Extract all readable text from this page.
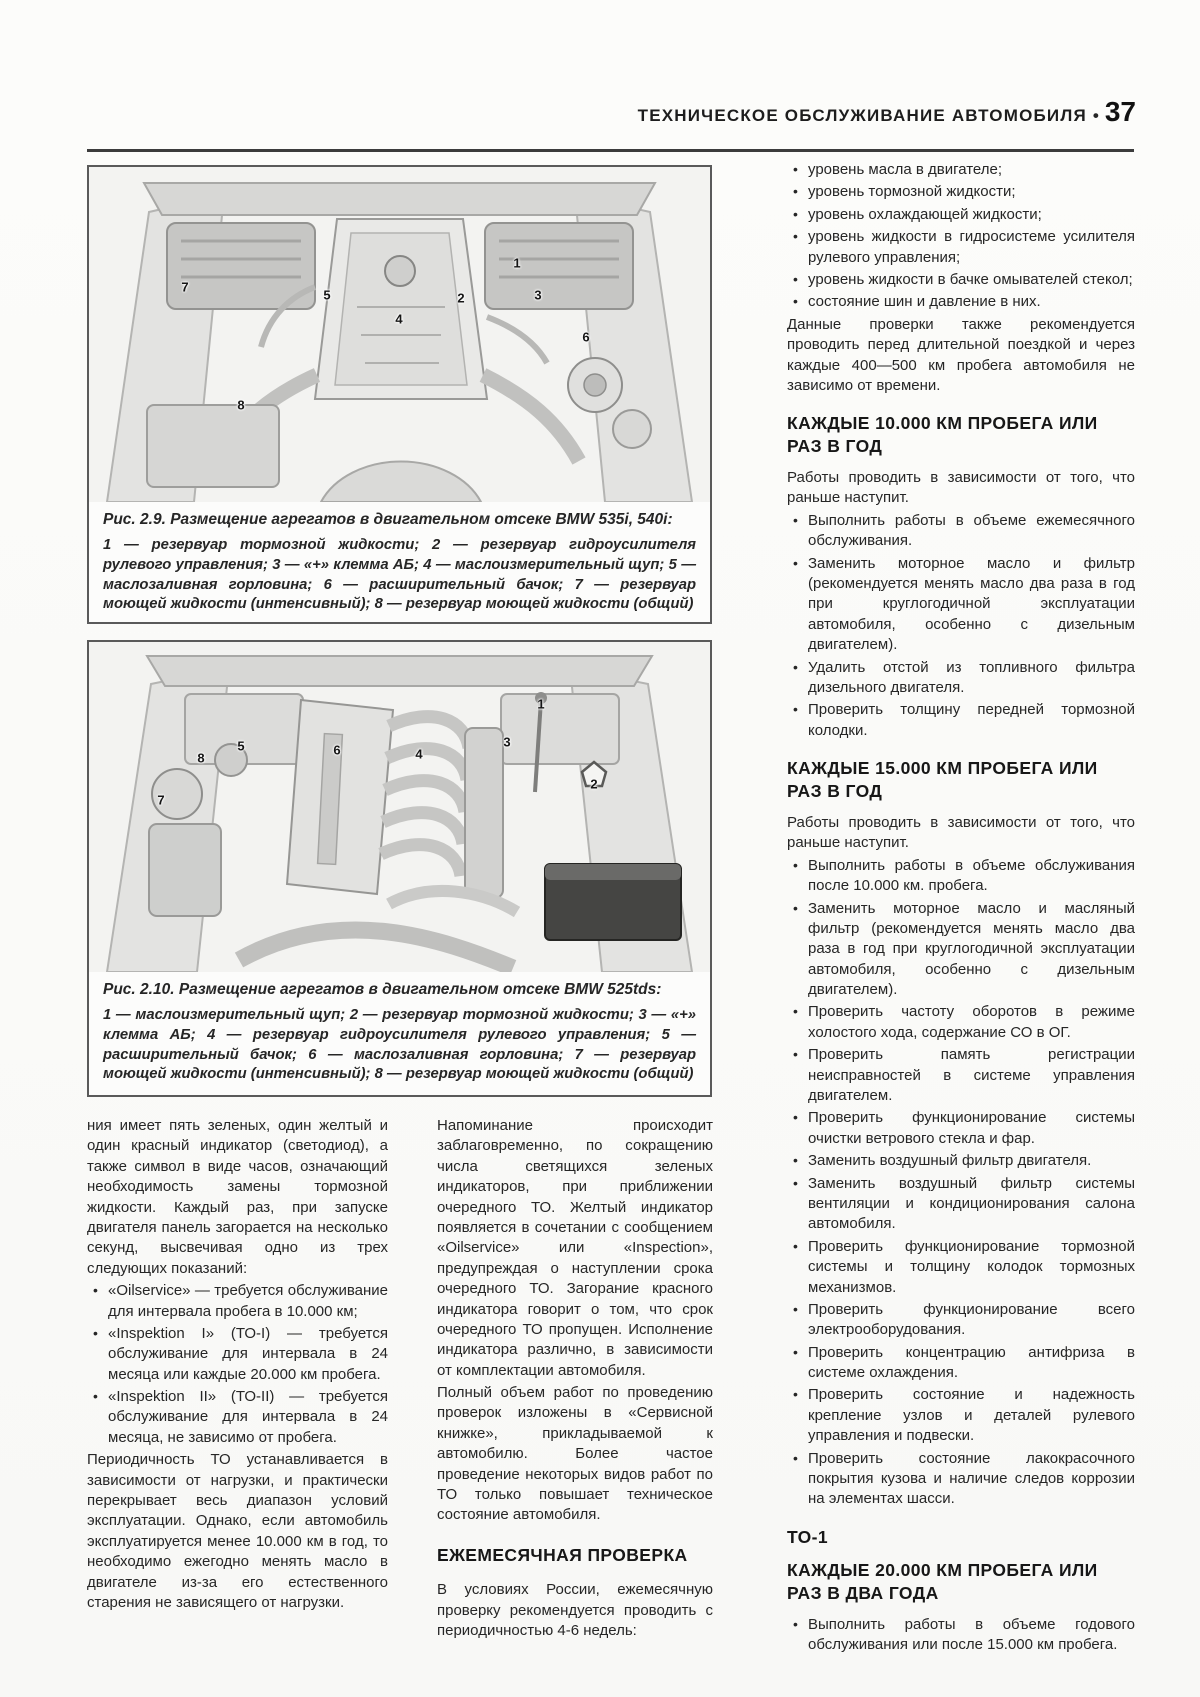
ТЕХНИЧЕСКОЕ ОБСЛУЖИВАНИЕ АВТОМОБИЛЯ • 37
1
2	3
4
5
6
7
8
Рис. 2.9. Размещение агрегатов в двигательном отсеке BMW 535i, 540i:
1 — резервуар тормозной жидкости; 2 — резервуар гидроусилителя рулевого управления; 3 — «+» клемма АБ; 4 — маслоизмерительный щуп; 5 — маслозаливная горловина; 6 — расширительный бачок; 7 — резервуар моющей жидкости (интенсивный); 8 — резервуар моющей жидкости (общий)
1
2
3
4
5	6
7
8
Рис. 2.10. Размещение агрегатов в двигательном отсеке BMW 525tds:
1 — маслоизмерительный щуп; 2 — резервуар тормозной жидкости; 3 — «+» клемма АБ; 4 — резервуар гидроусилителя рулевого управления; 5 — расширительный бачок; 6 — маслозаливная горловина; 7 — резервуар моющей жидкости (интенсивный); 8 — резервуар моющей жидкости (общий)

ния имеет пять зеленых, один желтый и один красный индикатор (светодиод), а также символ в виде часов, означающий необходимость замены тормозной жидкости. Каждый раз, при запуске двигателя панель загорается на несколько секунд, высвечивая одно из трех следующих показаний:

• «Oilservice» — требуется обслуживание для интервала пробега в 10.000 км;
• «Inspektion I» (ТО-I) — требуется обслуживание для интервала в 24 месяца или каждые 20.000 км пробега.
• «Inspektion II» (ТО-II) — требуется обслуживание для интервала в 24 месяца, не зависимо от пробега.

Периодичность ТО устанавливается в зависимости от нагрузки, и практически перекрывает весь диапазон условий эксплуатации. Однако, если автомобиль эксплуатируется менее 10.000 км в год, то необходимо ежегодно менять масло в двигателе из-за его естественного старения не зависящего от нагрузки.

Напоминание происходит заблаговременно, по сокращению числа светящихся зеленых индикаторов, при приближении очередного ТО. Желтый индикатор появляется в сочетании с сообщением «Oilservice» или «Inspection», предупреждая о наступлении срока очередного ТО. Загорание красного индикатора говорит о том, что срок очередного ТО пропущен. Исполнение индикатора различно, в зависимости от комплектации автомобиля.

Полный объем работ по проведению проверок изложены в «Сервисной книжке», прикладываемой к автомобилю. Более частое проведение некоторых видов работ по ТО только повышает техническое состояние автомобиля.

ЕЖЕМЕСЯЧНАЯ ПРОВЕРКА

В условиях России, ежемесячную проверку рекомендуется проводить с периодичностью 4-6 недель:

• уровень масла в двигателе;
• уровень тормозной жидкости;
• уровень охлаждающей жидкости;
• уровень жидкости в гидросистеме усилителя рулевого управления;
• уровень жидкости в бачке омывателей стекол;
• состояние шин и давление в них.

Данные проверки также рекомендуется проводить перед длительной поездкой и через каждые 400—500 км пробега автомобиля не зависимо от времени.

КАЖДЫЕ 10.000 КМ ПРОБЕГА ИЛИ РАЗ В ГОД

Работы проводить в зависимости от того, что раньше наступит.

• Выполнить работы в объеме ежемесячного обслуживания.
• Заменить моторное масло и фильтр (рекомендуется менять масло два раза в год при круглогодичной эксплуатации автомобиля, особенно с дизельным двигателем).
• Удалить отстой из топливного фильтра дизельного двигателя.
• Проверить толщину передней тормозной колодки.
КАЖДЫЕ 15.000 КМ ПРОБЕГА ИЛИ РАЗ В ГОД

Работы проводить в зависимости от того, что раньше наступит.

• Выполнить работы в объеме обслуживания после 10.000 км. пробега.
• Заменить моторное масло и масляный фильтр (рекомендуется менять масло два раза в год при круглогодичной эксплуатации автомобиля, особенно с дизельным двигателем).
• Проверить частоту оборотов в режиме холостого хода, содержание СО в ОГ.
• Проверить память регистрации неисправностей в системе управления двигателем.
• Проверить функционирование системы очистки ветрового стекла и фар.
• Заменить воздушный фильтр двигателя.
• Заменить воздушный фильтр системы вентиляции и кондиционирования салона автомобиля.
• Проверить функционирование тормозной системы и толщину колодок тормозных механизмов.
• Проверить функционирование всего электрооборудования.
• Проверить концентрацию антифриза в системе охлаждения.
• Проверить состояние и надежность крепление узлов и деталей рулевого управления и подвески.
• Проверить состояние лакокрасочного покрытия кузова и наличие следов коррозии на элементах шасси.
ТО-1
КАЖДЫЕ 20.000 КМ ПРОБЕГА ИЛИ РАЗ В ДВА ГОДА
• Выполнить работы в объеме годового обслуживания или после 15.000 км пробега.
